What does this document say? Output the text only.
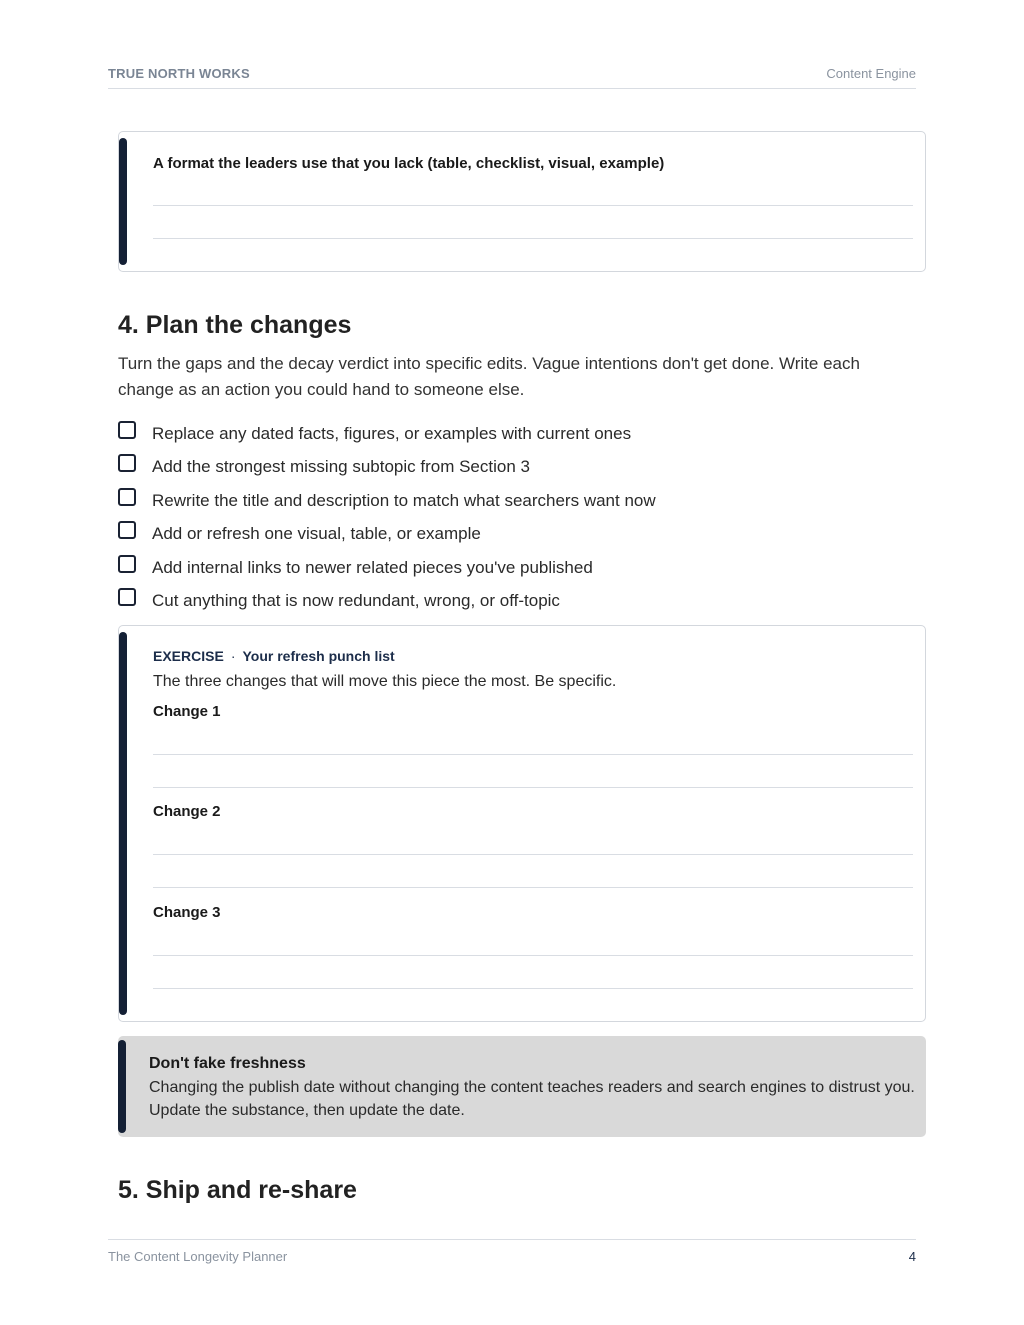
TRUE NORTH WORKS	Content Engine
A format the leaders use that you lack (table, checklist, visual, example)
4. Plan the changes

Turn the gaps and the decay verdict into specific edits. Vague intentions don't get done. Write each change as an action you could hand to someone else.

Replace any dated facts, figures, or examples with current ones
Add the strongest missing subtopic from Section 3
Rewrite the title and description to match what searchers want now
Add or refresh one visual, table, or example
Add internal links to newer related pieces you've published
Cut anything that is now redundant, wrong, or off-topic
EXERCISE · Your refresh punch list
The three changes that will move this piece the most. Be specific.
Change 1
Change 2
Change 3
Don't fake freshness
Changing the publish date without changing the content teaches readers and search engines to distrust you. Update the substance, then update the date.
5. Ship and re-share
The Content Longevity Planner	4
